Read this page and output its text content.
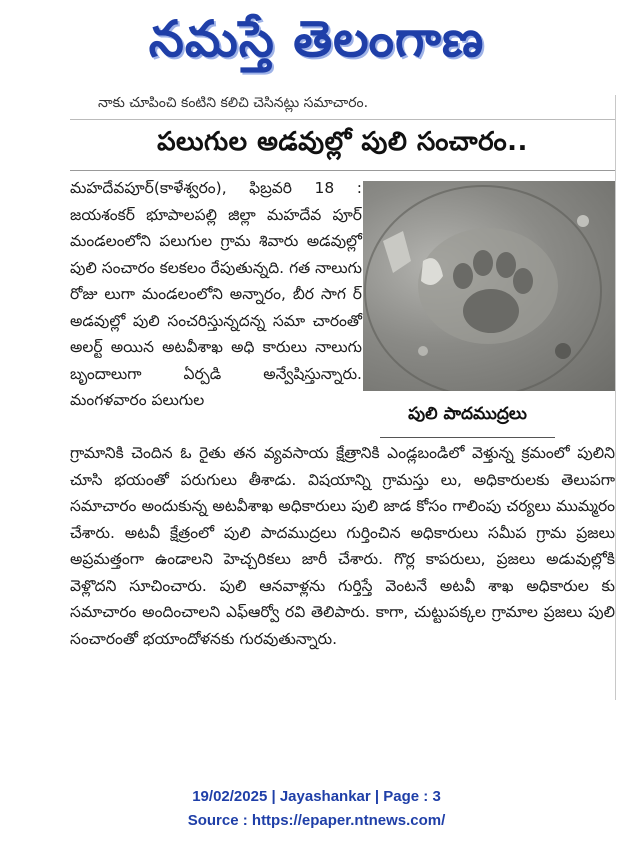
నమస్తే తెలంగాణ
నాకు చూపించి కంటిని కలిచి చెసినట్లు సమాచారం.
పలుగుల అడవుల్లో పులి సంచారం..
మహదేవపూర్(కాళేశ్వరం), ఫిబ్రవరి 18 : జయశంకర్ భూపాలపల్లి జిల్లా మహదేవ పూర్ మండలంలోని పలుగుల గ్రామ శివారు అడవుల్లో పులి సంచారం కలకలం రేపుతున్నది. గత నాలుగు రోజు లుగా మండలంలోని అన్నారం, బీర సాగ ర్ అడవుల్లో పులి సంచరిస్తున్నదన్న సమా చారంతో అలర్ట్ అయిన అటవీశాఖ అధి కారులు నాలుగు బృందాలుగా ఏర్పడి అన్వేషిస్తున్నారు. మంగళవారం పలుగుల
పులి పాదముద్రలు
గ్రామానికి చెందిన ఓ రైతు తన వ్యవసాయ క్షేత్రానికి ఎండ్లబండిలో వెళ్తున్న క్రమంలో పులిని చూసి భయంతో పరుగులు తీశాడు. విషయాన్ని గ్రామస్తు లు, అధికారులకు తెలుపగా సమాచారం అందుకున్న అటవీశాఖ అధికారులు పులి జాడ కోసం గాలింపు చర్యలు ముమ్మరం చేశారు. అటవీ క్షేత్రంలో పులి పాదముద్రలు గుర్తించిన అధికారులు సమీప గ్రామ ప్రజలు అప్రమత్తంగా ఉండాలని హెచ్చరికలు జారీ చేశారు. గొర్ల కాపరులు, ప్రజలు అడువుల్లోకి వెళ్లొదని సూచించారు. పులి ఆనవాళ్లను గుర్తిస్తే వెంటనే అటవీ శాఖ అధికారుల కు సమాచారం అందించాలని ఎఫ్ఆర్వో రవి తెలిపారు. కాగా, చుట్టుపక్కల గ్రామాల ప్రజలు పులి సంచారంతో భయాందోళనకు గురవుతున్నారు.
19/02/2025 | Jayashankar | Page : 3
Source : https://epaper.ntnews.com/
